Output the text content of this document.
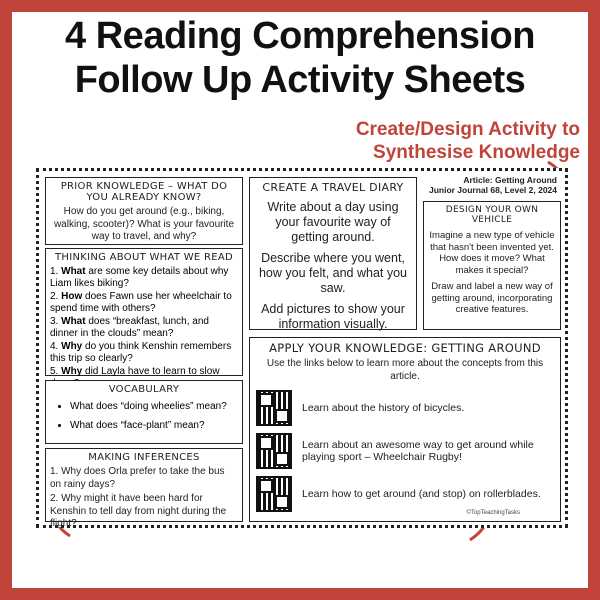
4 Reading Comprehension
Follow Up Activity Sheets
Create/Design Activity to
Synthesise Knowledge
Article: Getting Around
Junior Journal 68, Level 2, 2024
PRIOR KNOWLEDGE – WHAT DO YOU ALREADY KNOW?
How do you get around (e.g., biking, walking, scooter)? What is your favourite way to travel, and why?
THINKING ABOUT WHAT WE READ
1. What are some key details about why Liam likes biking?
2. How does Fawn use her wheelchair to spend time with others?
3. What does “breakfast, lunch, and dinner in the clouds” mean?
4. Why do you think Kenshin remembers this trip so clearly?
5. Why did Layla have to learn to slow
VOCABULARY
• What does “doing wheelies” mean?
• What does “face-plant” mean?
MAKING INFERENCES
1. Why does Orla prefer to take the bus on rainy days?
2. Why might it have been hard for Kenshin to tell day from night during the flight?
CREATE A TRAVEL DIARY

Write about a day using your favourite way of getting around.

Describe where you went, how you felt, and what you saw.

Add pictures to show your information visually.

DESIGN YOUR OWN VEHICLE

Imagine a new type of vehicle that hasn't been invented yet. How does it move? What makes it special?

Draw and label a new way of getting around, incorporating creative features.

APPLY YOUR KNOWLEDGE: GETTING AROUND
Use the links below to learn more about the concepts from this article.
Learn about the history of bicycles.
Learn about an awesome way to get around while playing sport – Wheelchair Rugby!
Learn how to get around (and stop) on rollerblades.
©TopTeachingTasks
